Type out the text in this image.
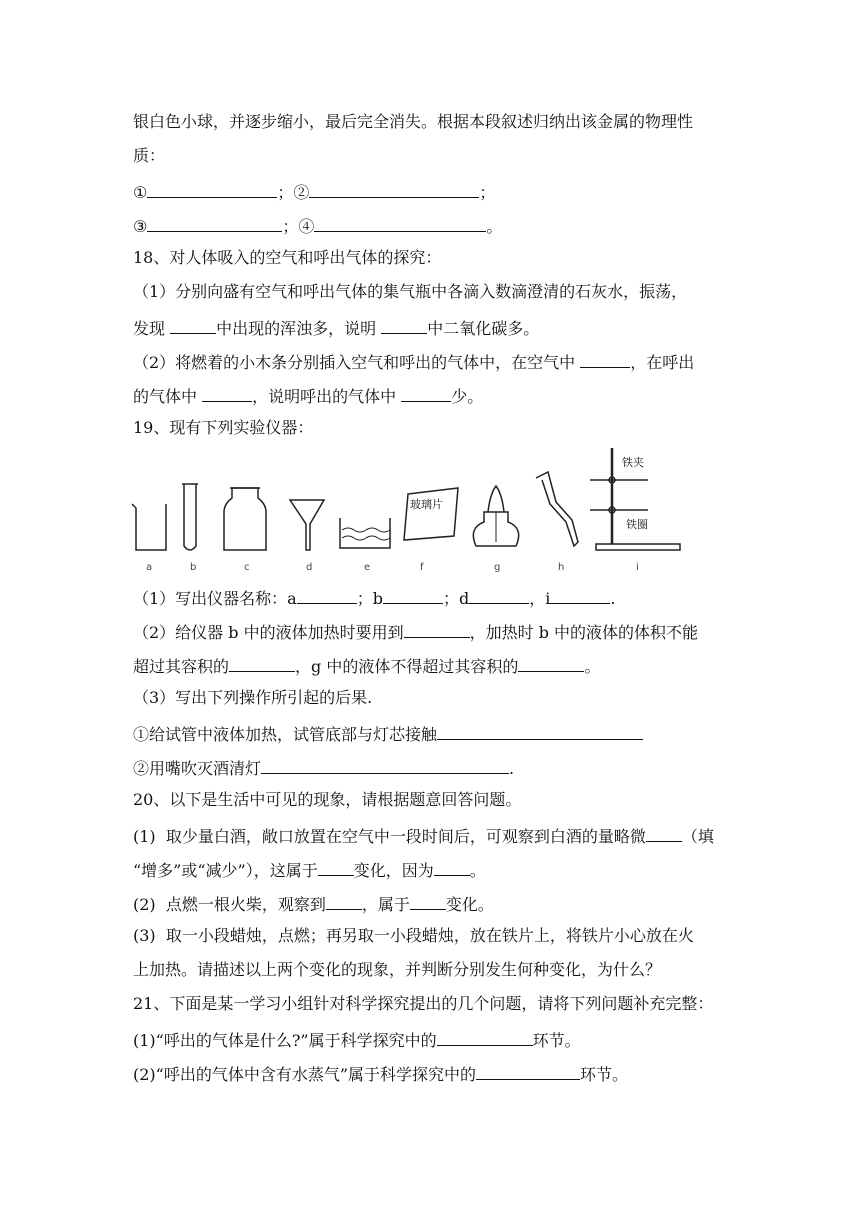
银白色小球，并逐步缩小，最后完全消失。根据本段叙述归纳出该金属的物理性
质：
①	；②	；
③	；④	。
18、对人体吸入的空气和呼出气体的探究：
（1）分别向盛有空气和呼出气体的集气瓶中各滴入数滴澄清的石灰水，振荡，
发现	中出现的浑浊多，说明	中二氧化碳多。
（2）将燃着的小木条分别插入空气和呼出的气体中，在空气中	，在呼出
的气体中	，说明呼出的气体中	少。
19、现有下列实验仪器：
玻璃片
铁夹
铁圈
a	b	c	d	e	f	g	h	i
（1）写出仪器名称：a	；b	；d	，i	.
（2）给仪器 b 中的液体加热时要用到	，加热时 b 中的液体的体积不能
超过其容积的	，g 中的液体不得超过其容积的	。
（3）写出下列操作所引起的后果.
①给试管中液体加热，试管底部与灯芯接触
②用嘴吹灭酒清灯	.
20、以下是生活中可见的现象，请根据题意回答问题。
(1)  取少量白酒，敞口放置在空气中一段时间后，可观察到白酒的量略微 （填
“增多”或“减少”），这属于 变化，因为 。
(2)  点燃一根火柴，观察到 ，属于 变化。
(3)  取一小段蜡烛，点燃；再另取一小段蜡烛，放在铁片上，将铁片小心放在火
上加热。请描述以上两个变化的现象，并判断分别发生何种变化，为什么？
21、下面是某一学习小组针对科学探究提出的几个问题，请将下列问题补充完整：
(1)“呼出的气体是什么?”属于科学探究中的	环节。
(2)“呼出的气体中含有水蒸气”属于科学探究中的	环节。
